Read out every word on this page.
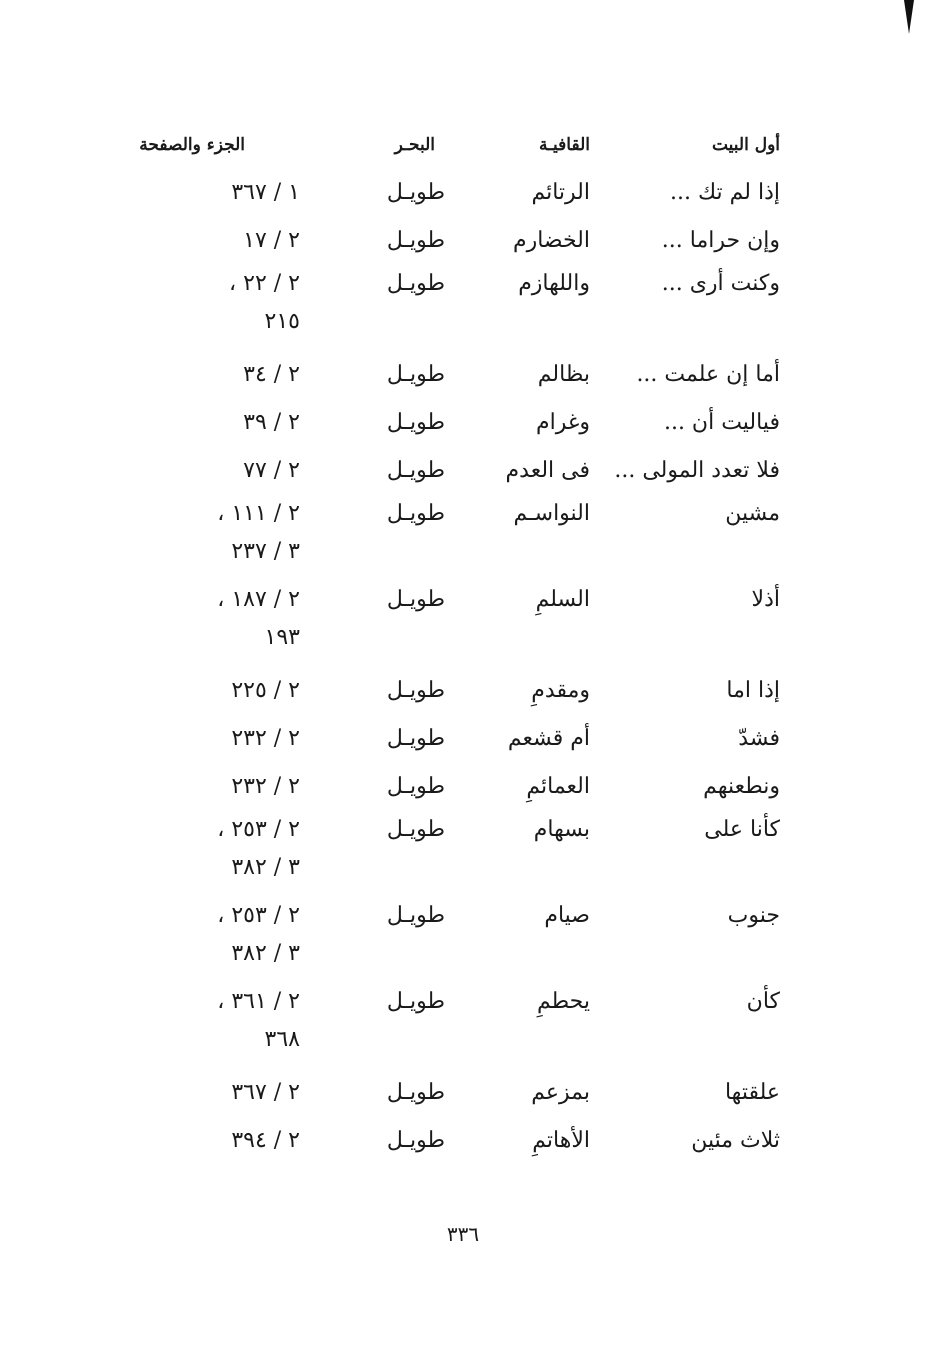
أول البيت
القافيـة
البحـر
الجزء والصفحة
إذا لم تك ...
الرتائم
طويـل
١ / ٣٦٧
وإن حراما ...
الخضارم
طويـل
٢ / ١٧
وكنت أرى ...
واللهازم
طويـل
٢ / ٢٢ ،
٢١٥
أما إن علمت ...
بظالم
طويـل
٢ / ٣٤
فياليت أن ...
وغرام
طويـل
٢ / ٣٩
فلا تعدد المولى ...
فى العدم
طويـل
٢ / ٧٧
مشين
النواسـم
طويـل
٢ / ١١١ ،
٣ / ٢٣٧
أذلا
السلمِ
طويـل
٢ / ١٨٧ ،
١٩٣
إذا اما
ومقدمِ
طويـل
٢ / ٢٢٥
فشدّ
أم قشعم
طويـل
٢ / ٢٣٢
ونطعنهم
العمائمِ
طويـل
٢ / ٢٣٢
كأنا على
بسهام
طويـل
٢ / ٢٥٣ ،
٣ / ٣٨٢
جنوب
صيام
طويـل
٢ / ٢٥٣ ،
٣ / ٣٨٢
كأن
يحطمِ
طويـل
٢ / ٣٦١ ،
٣٦٨
علقتها
بمزعم
طويـل
٢ / ٣٦٧
ثلاث مئين
الأهاتمِ
طويـل
٢ / ٣٩٤
٣٣٦
